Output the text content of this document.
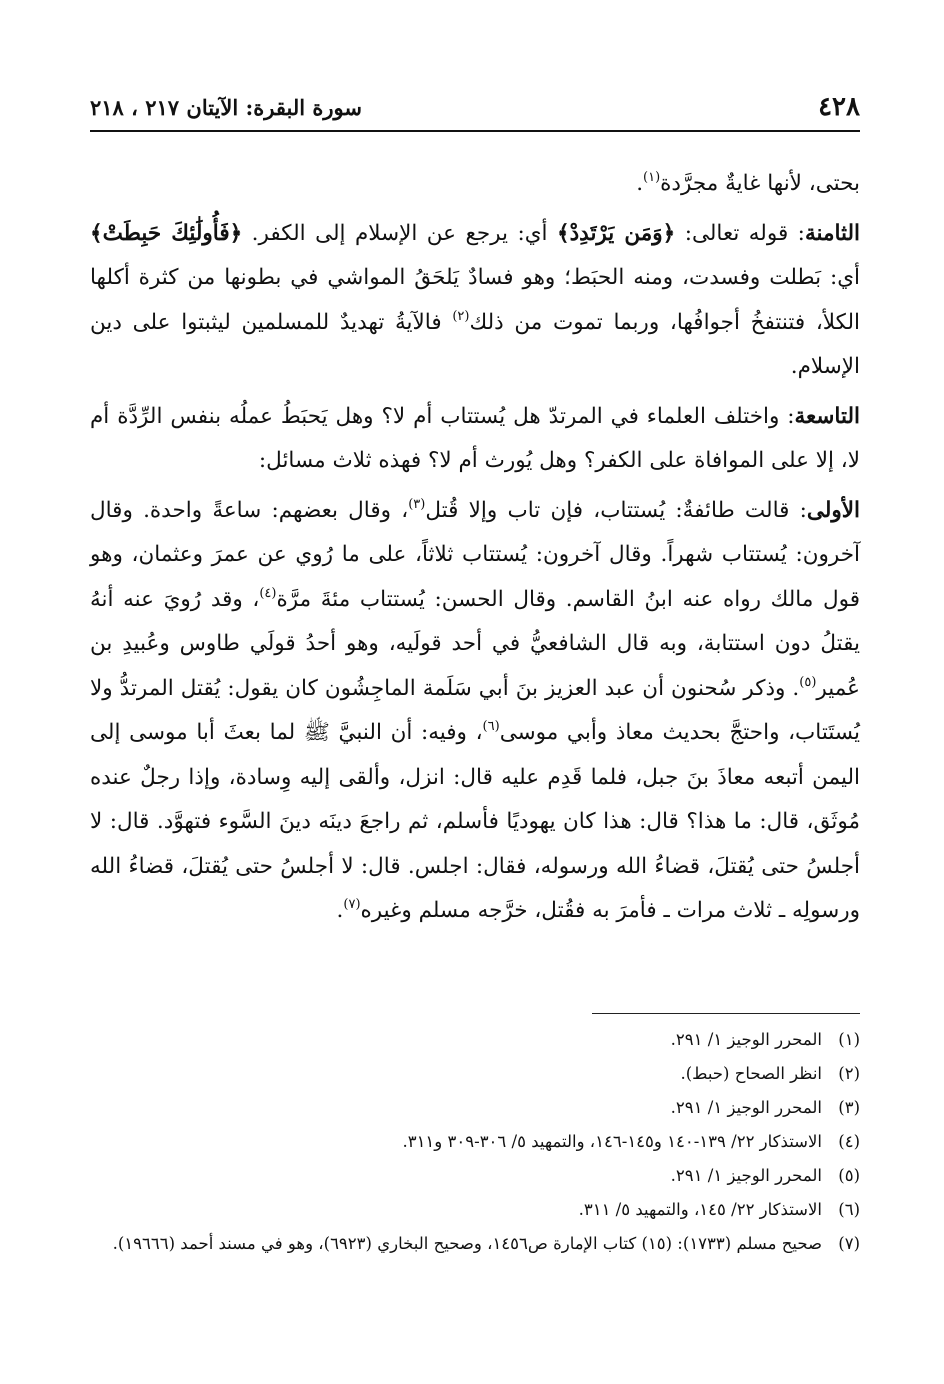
٤٢٨
سورة البقرة: الآيتان ٢١٧ ، ٢١٨

بحتى، لأنها غايةٌ مجرَّدة$^{(١)}$.

الثامنة: قوله تعالى: ﴿وَمَن يَرْتَدِدْ﴾ أي: يرجع عن الإسلام إلى الكفر. ﴿فَأُولَٰئِكَ حَبِطَتْ﴾ أي: بَطلت وفسدت، ومنه الحبَط؛ وهو فسادٌ يَلحَقُ المواشي في بطونها من كثرة أكلها الكلأ، فتنتفخُ أجوافُها، وربما تموت من ذلك$^{(٢)}$ فالآيةُ تهديدٌ للمسلمين ليثبتوا على دين الإسلام.

التاسعة: واختلف العلماء في المرتدّ هل يُستتاب أم لا؟ وهل يَحبَطُ عملُه بنفس الرِّدَّة أم لا، إلا على الموافاة على الكفر؟ وهل يُورث أم لا؟ فهذه ثلاث مسائل:

الأولى: قالت طائفةٌ: يُستتاب، فإن تاب وإلا قُتل$^{(٣)}$، وقال بعضهم: ساعةً واحدة. وقال آخرون: يُستتاب شهراً. وقال آخرون: يُستتاب ثلاثاً، على ما رُوي عن عمرَ وعثمان، وهو قول مالك رواه عنه ابنُ القاسم. وقال الحسن: يُستتاب مئةَ مرَّة$^{(٤)}$، وقد رُويَ عنه أنهُ يقتلُ دون استتابة، وبه قال الشافعيُّ في أحد قولَيه، وهو أحدُ قولَي طاوس وعُبيدِ بن عُمير$^{(٥)}$. وذكر سُحنون أن عبد العزيز بنَ أبي سَلَمة الماجِشُون كان يقول: يُقتل المرتدُّ ولا يُستَتاب، واحتجَّ بحديث معاذ وأبي موسى$^{(٦)}$، وفيه: أن النبيَّ ﷺ لما بعثَ أبا موسى إلى اليمن أتبعه معاذَ بنَ جبل، فلما قَدِم عليه قال: انزل، وألقى إليه وِسادة، وإذا رجلٌ عنده مُوثَق، قال: ما هذا؟ قال: هذا كان يهوديًا فأسلم، ثم راجعَ دينَه دينَ السَّوء فتهوَّد. قال: لا أجلسُ حتى يُقتلَ، قضاءُ الله ورسوله، فقال: اجلس. قال: لا أجلسُ حتى يُقتلَ، قضاءُ الله ورسولِه ـ ثلاث مرات ـ فأمرَ به فقُتل، خرَّجه مسلم وغيره$^{(٧)}$.

(١)
المحرر الوجيز ١/ ٢٩١.
(٢)
انظر الصحاح (حبط).
(٣)
المحرر الوجيز ١/ ٢٩١.
(٤)
الاستذكار ٢٢/ ١٣٩-١٤٠ و١٤٥-١٤٦، والتمهيد ٥/ ٣٠٦-٣٠٩ و٣١١.
(٥)
المحرر الوجيز ١/ ٢٩١.
(٦)
الاستذكار ٢٢/ ١٤٥، والتمهيد ٥/ ٣١١.
(٧)
صحيح مسلم (١٧٣٣): (١٥) كتاب الإمارة ص١٤٥٦، وصحيح البخاري (٦٩٢٣)، وهو في مسند أحمد (١٩٦٦٦).
